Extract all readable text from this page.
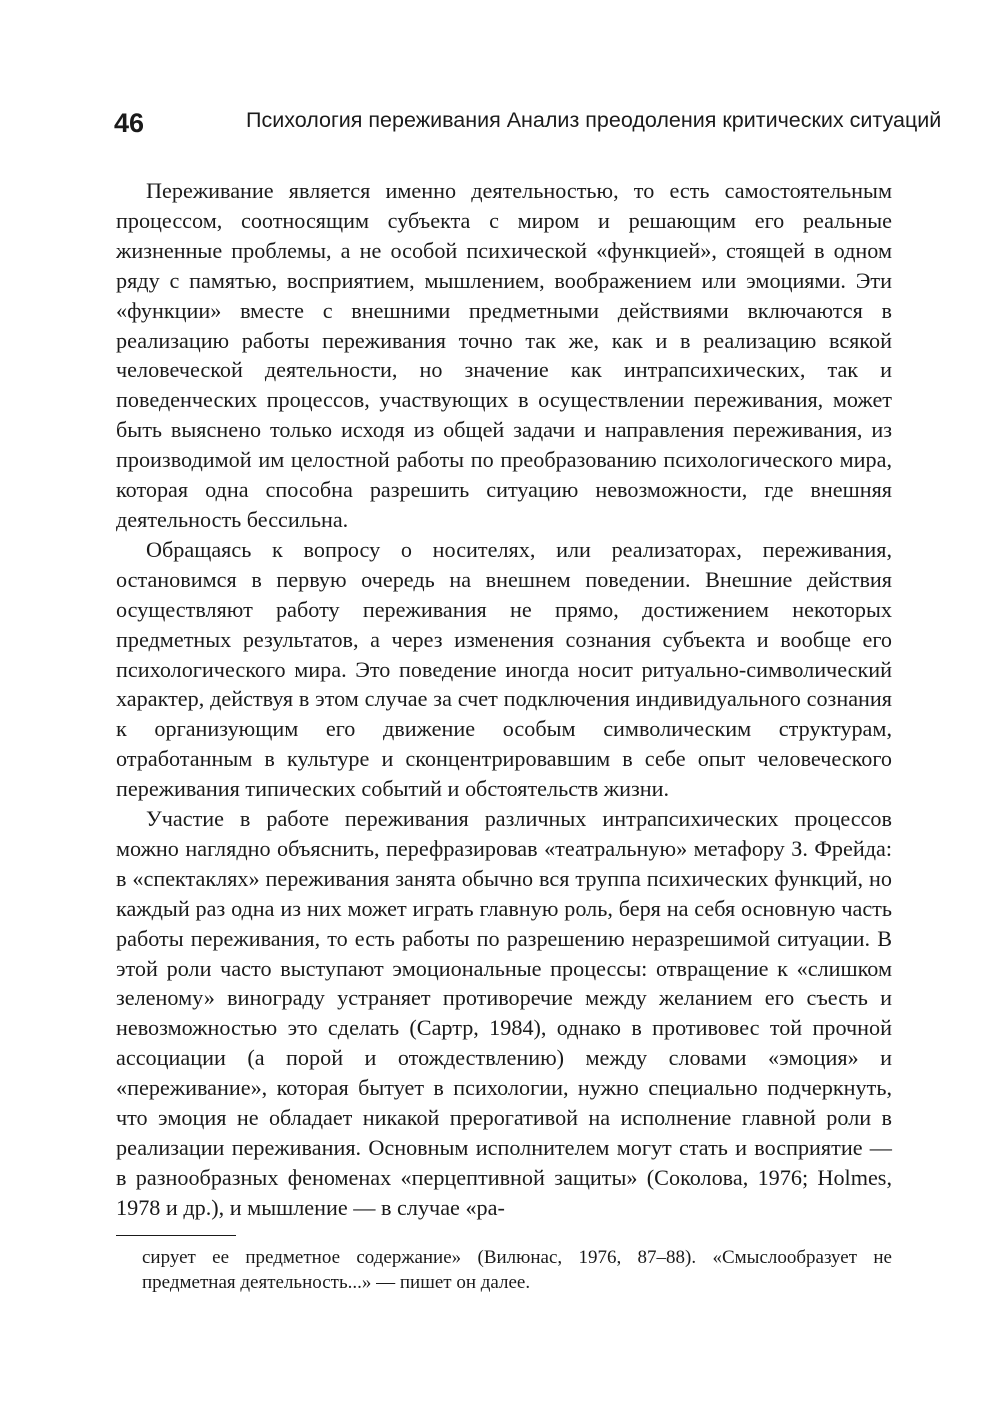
46	Психология переживания Анализ преодоления критических ситуаций

Переживание является именно деятельностью, то есть самостоятельным процессом, соотносящим субъекта с миром и решающим его реальные жизненные проблемы, а не особой психической «функцией», стоящей в одном ряду с памятью, восприятием, мышлением, воображением или эмоциями. Эти «функции» вместе с внешними предметными действиями включаются в реализацию работы переживания точно так же, как и в реализацию всякой человеческой деятельности, но значение как интрапсихических, так и поведенческих процессов, участвующих в осуществлении переживания, может быть выяснено только исходя из общей задачи и направления переживания, из производимой им целостной работы по преобразованию психологического мира, которая одна способна разрешить ситуацию невозможности, где внешняя деятельность бессильна.

Обращаясь к вопросу о носителях, или реализаторах, переживания, остановимся в первую очередь на внешнем поведении. Внешние действия осуществляют работу переживания не прямо, достижением некоторых предметных результатов, а через изменения сознания субъекта и вообще его психологического мира. Это поведение иногда носит ритуально-символический характер, действуя в этом случае за счет подключения индивидуального сознания к организующим его движение особым символическим структурам, отработанным в культуре и сконцентрировавшим в себе опыт человеческого переживания типических событий и обстоятельств жизни.

Участие в работе переживания различных интрапсихических процессов можно наглядно объяснить, перефразировав «театральную» метафору З. Фрейда: в «спектаклях» переживания занята обычно вся труппа психических функций, но каждый раз одна из них может играть главную роль, беря на себя основную часть работы переживания, то есть работы по разрешению неразрешимой ситуации. В этой роли часто выступают эмоциональные процессы: отвращение к «слишком зеленому» винограду устраняет противоречие между желанием его съесть и невозможностью это сделать (Сартр, 1984), однако в противовес той прочной ассоциации (а порой и отождествлению) между словами «эмоция» и «переживание», которая бытует в психологии, нужно специально подчеркнуть, что эмоция не обладает никакой прерогативой на исполнение главной роли в реализации переживания. Основным исполнителем могут стать и восприятие — в разнообразных феноменах «перцептивной защиты» (Соколова, 1976; Holmes, 1978 и др.), и мышление — в случае «ра-

сирует ее предметное содержание» (Вилюнас, 1976, 87–88). «Смыслообразует не предметная деятельность...» — пишет он далее.
